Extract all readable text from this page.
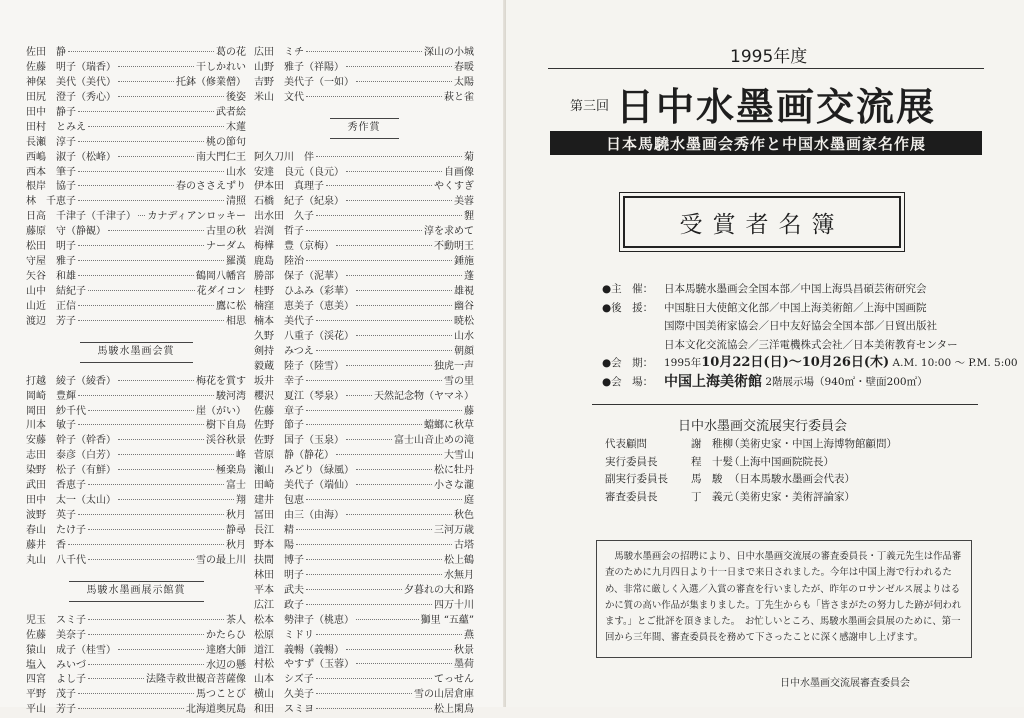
佐田　静	葛の花
佐藤　明子（瑞香）	干しかれい
神保　美代（美代）	托鉢（修業僧）
田尻　澄子（秀心）	後姿
田中　静子	武者絵
田村　とみえ	木蓮
長瀬　淳子	桃の節句
西嶋　淑子（松峰）	南大門仁王
西本　筆子	山水
根岸　協子	春のささえずり
林　千恵子	清照
日高　千津子（千津子） カナディアンロッキー
藤原　守（静観）	古里の秋
松田　明子	ナーダム
守屋　雅子	羅漢
矢谷　和雄	鶴岡八幡宮
山中　結紀子	花ダイコン
山近　正信	鷹に松
渡辺　芳子	相思
馬駿水墨画会賞
打越　綾子（綾香）	梅花を賞す
岡崎　豊輝	駿河湾
岡田　紗千代	崖（がい）
川本　敏子	樹下自鳥
安藤　幹子（幹香）	渓谷秋景
志田　泰彦（白芳）	峰
染野　松子（有鮮）	極楽鳥
武田　香恵子	富士
田中　太一（太山）	翔
波野　英子	秋月
春山　たけ子	静尋
藤井　香	秋月
丸山　八千代	雪の最上川
馬駿水墨画展示館賞
児玉　スミ子	茶人
佐藤　美奈子	かたらひ
猿山　成子（桂雪）	達磨大師
塩入　みいづ	水辺の懸
四宮　よし子	法隆寺救世観音菩薩像
平野　茂子	馬つことび
平山　芳子	北海道奥尻島
広田　ミチ	深山の小城
山野　雅子（祥陽）	春暖
吉野　美代子（一如）	太陽
米山　文代	萩と雀
秀作賞
阿久刀川　伴	菊
安達　良元（良元）	自画像
伊本田　真理子	やくすぎ
石橋　紀子（紀泉）	美蓉
出水田　久子	貍
岩渕　哲子	淳を求めて
梅樺　豊（京梅）	不動明王
鹿島　陸治	錘施
勝部　保子（泥華）	蓬
桂野　ひふみ（彩華）	雄視
楠窪　恵美子（恵美）	幽谷
楠本　美代子	暁松
久野　八重子（渓花）	山水
剣持　みつえ	朝顔
毅蔵　陸子（陸雪）	独虎一声
坂井　幸子	雪の里
櫻沢　夏江（琴泉）	天然記念物（ヤマネ）
佐藤　章子	藤
佐野　節子	蟷螂に秋草
佐野　国子（玉泉）	富士山音止めの滝
菅原　静（静花）	大雪山
瀬山　みどり（緑風）	松に牡丹
田崎　美代子（端仙）	小さな瀧
建井　包恵	庭
冨田　由三（由海）	秋色
長江　精	三河万歳
野本　陽	古塔
扶間　博子	松上鶴
林田　明子	水無月
平本　武夫	夕暮れの大和路
広江　政子	四万十川
松本　勢津子（桃恵）	獅里 “五蘊”
松原　ミドリ	燕
道江　義暢（義暢）	秋景
村松　やすず（玉蓉）	墨荷
山本　シズ子	てっせん
横山　久美子	雪の山居倉庫
和田　スミヨ	松上閑鳥
1995年度
第三回 日中水墨画交流展
日本馬驍水墨画会秀作と中国水墨画家名作展
受賞者名簿
●主　催：	日本馬驍水墨画会全国本部／中国上海呉昌碩芸術研究会
●後　援：	中国駐日大使館文化部／中国上海美術館／上海中国画院
国際中国美術家協会／日中友好協会全国本部／日貿出版社
日本文化交流協会／三洋電機株式会社／日本美術教育センター
●会　期：	1995年 10月22日(日)〜10月26日(木)
A.M. 10:00 〜 P.M. 5:00
●会　場： 中国上海美術館
2階展示場（940㎡・壁面200㎡）
日中水墨画交流展実行委員会
代表顧問	謝　稚柳
（美術史家・中国上海博物館顧問）
実行委員長	程　十髪
（上海中国画院院長）
副実行委員長	馬　駿 （日本馬駿水墨画会代表）
審査委員長	丁　義元
（美術史家・美術評論家）
馬駿水墨画会の招聘により、日中水墨画交流展の審査委員長・丁義元先生は作品審査のために九月四日より十一日まで来日されました。今年は中国上海で行われるため、非常に厳しく入選／入賞の審査を行いましたが、昨年のロサンゼルス展よりはるかに質の高い作品が集まりました。丁先生からも「皆さまがたの努力した跡が伺われます。」とご批評を頂きました。　お忙しいところ、馬駿水墨画会員展のために、第一回から三年間、審査委員長を務めて下さったことに深く感謝申し上げます。
日中水墨画交流展審査委員会
